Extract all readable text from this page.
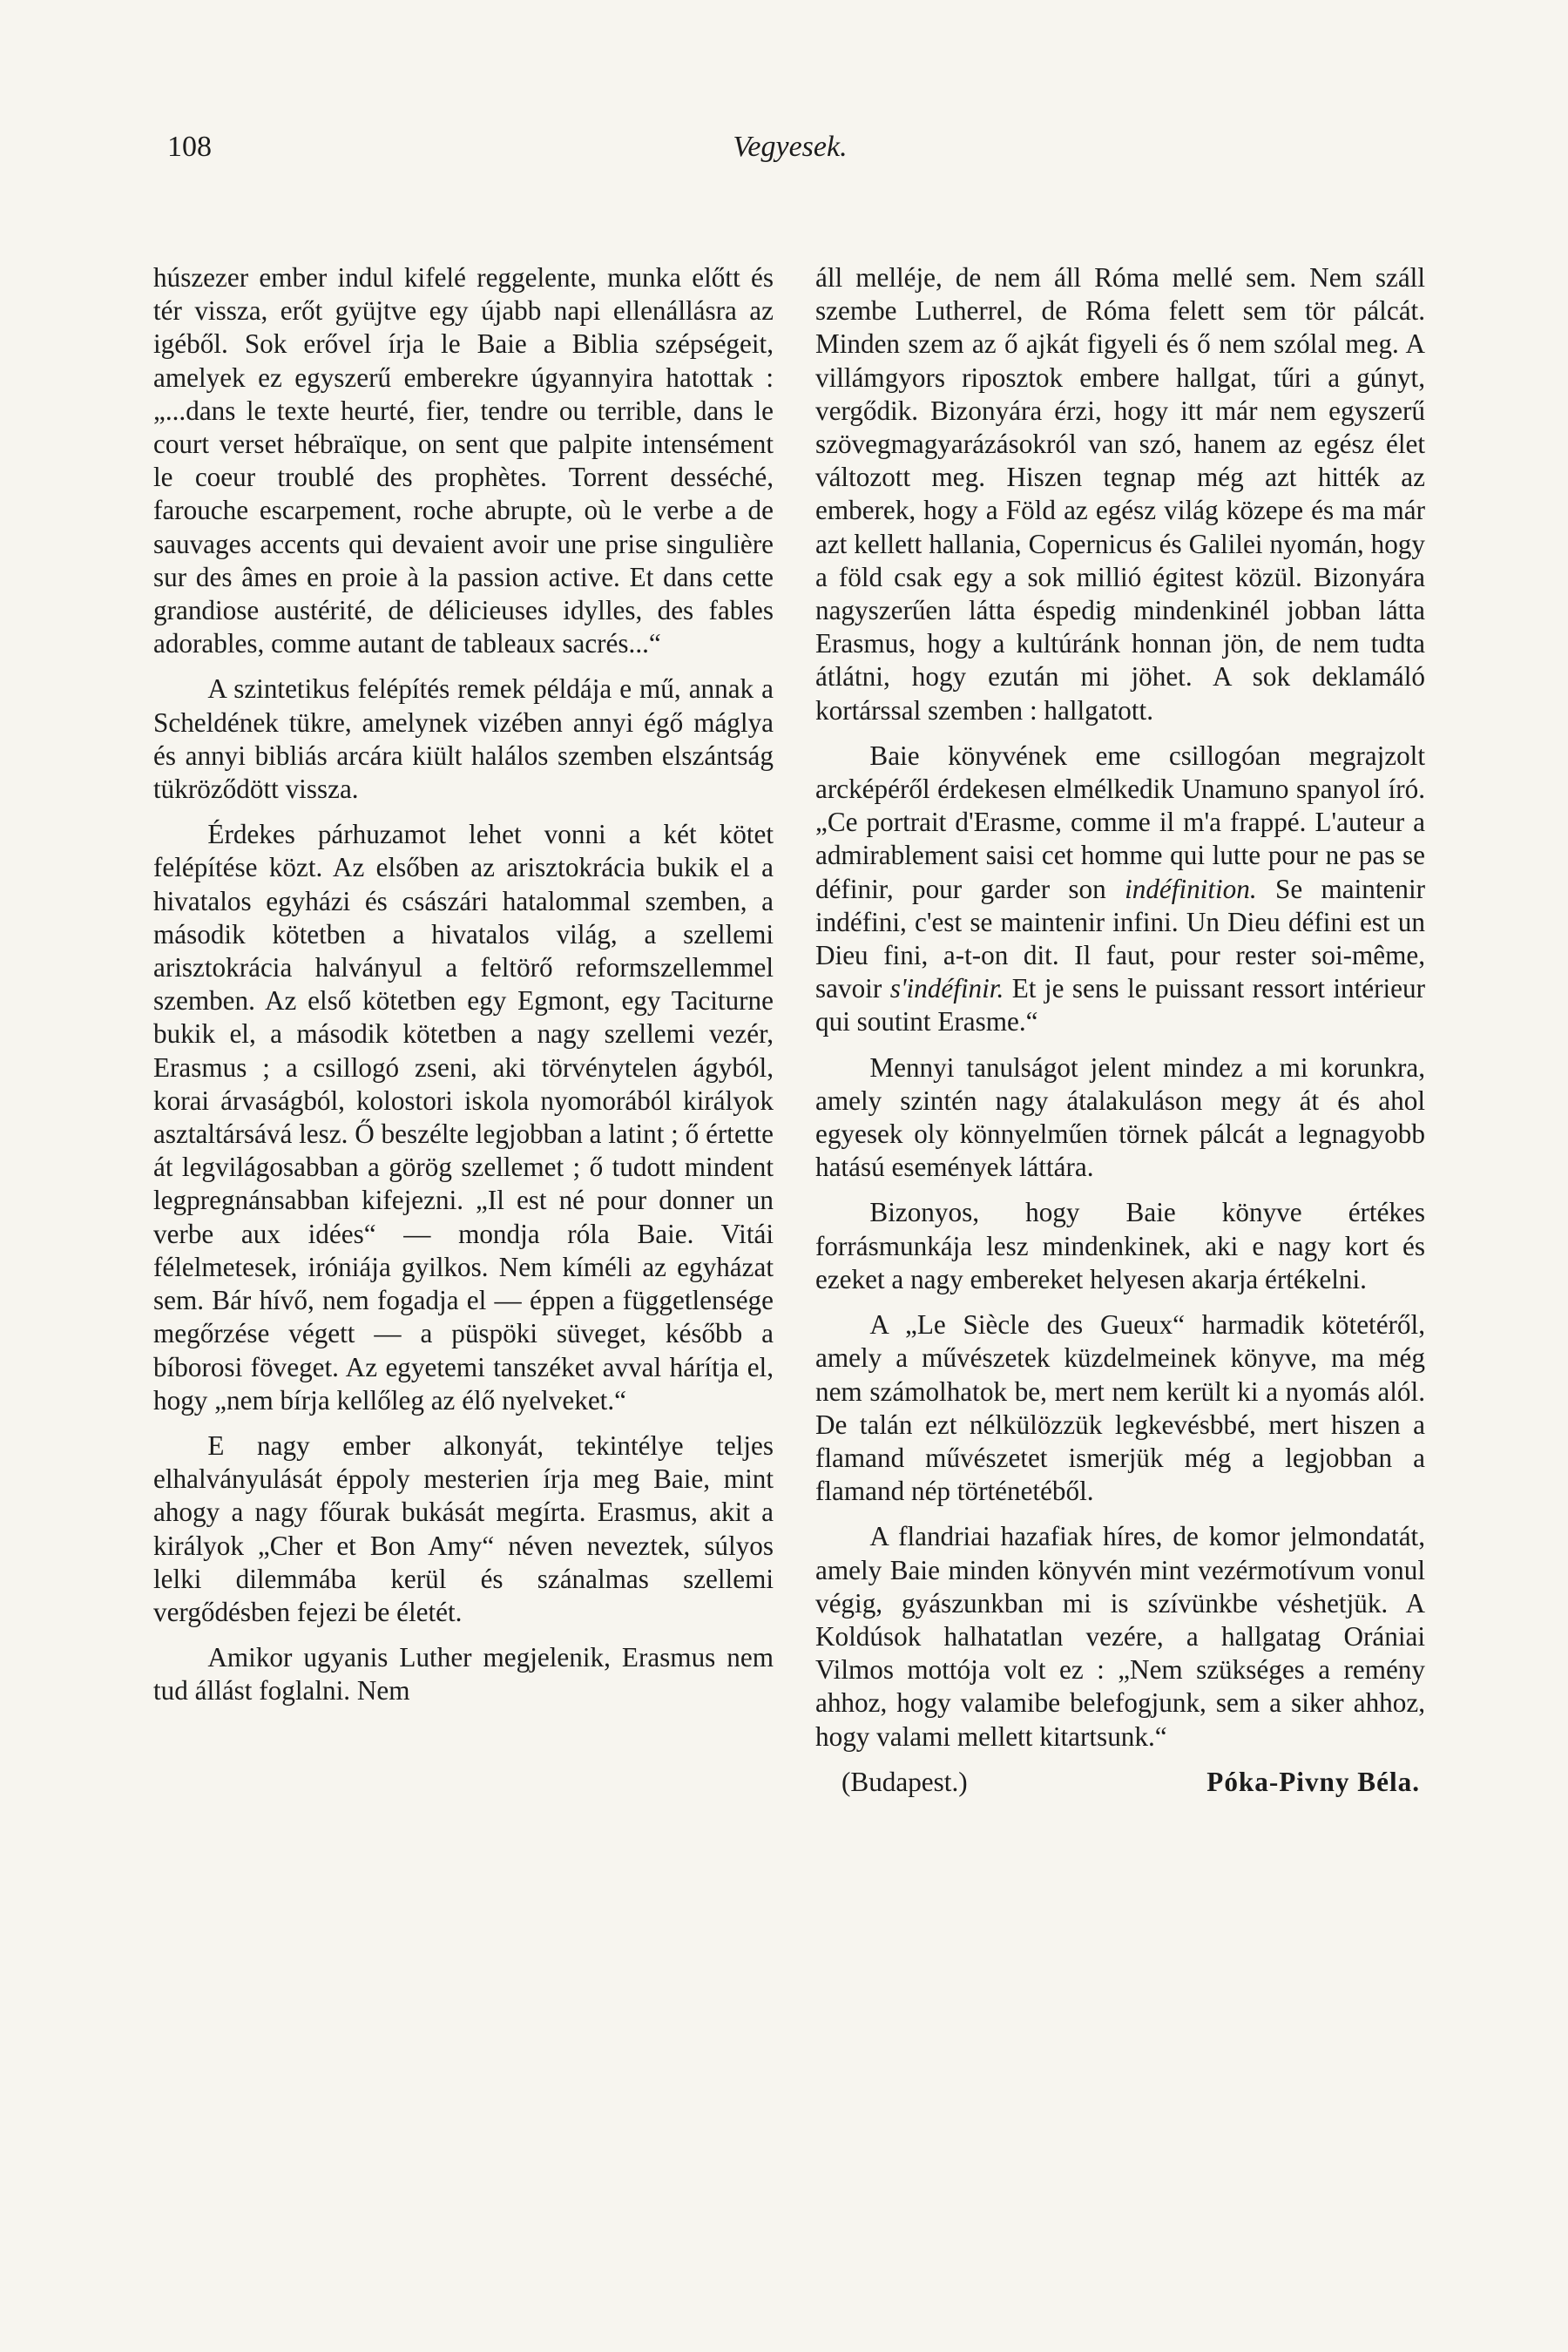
108	Vegyesek.

húszezer ember indul kifelé reggelente, munka előtt és tér vissza, erőt gyüjtve egy újabb napi ellenállásra az igéből. Sok erővel írja le Baie a Biblia szépségeit, amelyek ez egyszerű emberekre úgyannyira hatottak : „...dans le texte heurté, fier, tendre ou terrible, dans le court verset hébraïque, on sent que palpite intensément le coeur troublé des prophètes. Torrent desséché, farouche escarpement, roche abrupte, où le verbe a de sauvages accents qui devaient avoir une prise singulière sur des âmes en proie à la passion active. Et dans cette grandiose austérité, de délicieuses idylles, des fables adorables, comme autant de tableaux sacrés...“

A szintetikus felépítés remek példája e mű, annak a Scheldének tükre, amelynek vizében annyi égő máglya és annyi bibliás arcára kiült halálos szemben elszántság tükröződött vissza.

Érdekes párhuzamot lehet vonni a két kötet felépítése közt. Az elsőben az arisztokrácia bukik el a hivatalos egyházi és császári hatalommal szemben, a második kötetben a hivatalos világ, a szellemi arisztokrácia halványul a feltörő reformszellemmel szemben. Az első kötetben egy Egmont, egy Taciturne bukik el, a második kötetben a nagy szellemi vezér, Erasmus ; a csillogó zseni, aki törvénytelen ágyból, korai árvaságból, kolostori iskola nyomorából királyok asztaltársává lesz. Ő beszélte legjobban a latint ; ő értette át legvilágosabban a görög szellemet ; ő tudott mindent legpregnánsabban kifejezni. „Il est né pour donner un verbe aux idées“ — mondja róla Baie. Vitái félelmetesek, iróniája gyilkos. Nem kíméli az egyházat sem. Bár hívő, nem fogadja el — éppen a függetlensége megőrzése végett — a püspöki süveget, később a bíborosi föveget. Az egyetemi tanszéket avval hárítja el, hogy „nem bírja kellőleg az élő nyelveket.“

E nagy ember alkonyát, tekintélye teljes elhalványulását éppoly mesterien írja meg Baie, mint ahogy a nagy főurak bukását megírta. Erasmus, akit a királyok „Cher et Bon Amy“ néven neveztek, súlyos lelki dilemmába kerül és szánalmas szellemi vergődésben fejezi be életét.

Amikor ugyanis Luther megjelenik, Erasmus nem tud állást foglalni. Nem

áll melléje, de nem áll Róma mellé sem. Nem száll szembe Lutherrel, de Róma felett sem tör pálcát. Minden szem az ő ajkát figyeli és ő nem szólal meg. A villámgyors riposztok embere hallgat, tűri a gúnyt, vergődik. Bizonyára érzi, hogy itt már nem egyszerű szövegmagyarázásokról van szó, hanem az egész élet változott meg. Hiszen tegnap még azt hitték az emberek, hogy a Föld az egész világ közepe és ma már azt kellett hallania, Copernicus és Galilei nyomán, hogy a föld csak egy a sok millió égitest közül. Bizonyára nagyszerűen látta éspedig mindenkinél jobban látta Erasmus, hogy a kultúránk honnan jön, de nem tudta átlátni, hogy ezután mi jöhet. A sok deklamáló kortárssal szemben : hallgatott.

Baie könyvének eme csillogóan megrajzolt arcképéről érdekesen elmélkedik Unamuno spanyol író. „Ce portrait d'Erasme, comme il m'a frappé. L'auteur a admirablement saisi cet homme qui lutte pour ne pas se définir, pour garder son indéfinition. Se maintenir indéfini, c'est se maintenir infini. Un Dieu défini est un Dieu fini, a-t-on dit. Il faut, pour rester soi-même, savoir s'indéfinir. Et je sens le puissant ressort intérieur qui soutint Erasme.“

Mennyi tanulságot jelent mindez a mi korunkra, amely szintén nagy átalakuláson megy át és ahol egyesek oly könnyelműen törnek pálcát a legnagyobb hatású események láttára.

Bizonyos, hogy Baie könyve értékes forrásmunkája lesz mindenkinek, aki e nagy kort és ezeket a nagy embereket helyesen akarja értékelni.

A „Le Siècle des Gueux“ harmadik kötetéről, amely a művészetek küzdelmeinek könyve, ma még nem számolhatok be, mert nem került ki a nyomás alól. De talán ezt nélkülözzük legkevésbbé, mert hiszen a flamand művészetet ismerjük még a legjobban a flamand nép történetéből.

A flandriai hazafiak híres, de komor jelmondatát, amely Baie minden könyvén mint vezérmotívum vonul végig, gyászunkban mi is szívünkbe véshetjük. A Koldúsok halhatatlan vezére, a hallgatag Orániai Vilmos mottója volt ez : „Nem szükséges a remény ahhoz, hogy valamibe belefogjunk, sem a siker ahhoz, hogy valami mellett kitartsunk.“

(Budapest.)	Póka-Pivny Béla.
